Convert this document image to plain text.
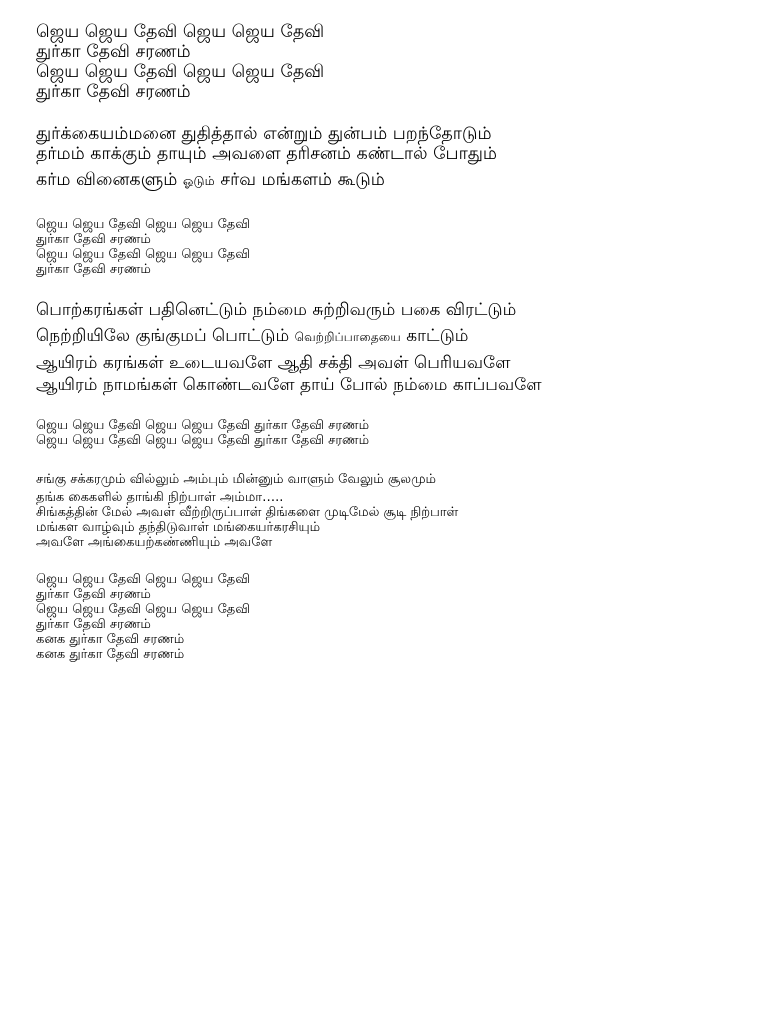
ஜெய ஜெய தேவி ஜெய ஜெய தேவி
துர்கா தேவி சரணம்
ஜெய ஜெய தேவி ஜெய ஜெய தேவி
துர்கா தேவி சரணம்
துர்க்கையம்மனை துதித்தால் என்றும் துன்பம் பறந்தோடும்
தர்மம் காக்கும் தாயும் அவளை தரிசனம் கண்டால் போதும்
கர்ம வினைகளும் ஓடும் சர்வ மங்களம் கூடும்
ஜெய ஜெய தேவி ஜெய ஜெய தேவி
துர்கா தேவி சரணம்
ஜெய ஜெய தேவி ஜெய ஜெய தேவி
துர்கா தேவி சரணம்
பொற்கரங்கள் பதினெட்டும் நம்மை சுற்றிவரும் பகை விரட்டும்
நெற்றியிலே குங்குமப் பொட்டும் வெற்றிப்பாதையை காட்டும்
ஆயிரம் கரங்கள் உடையவளே ஆதி சக்தி அவள் பெரியவளே
ஆயிரம் நாமங்கள் கொண்டவளே தாய் போல் நம்மை காப்பவளே
ஜெய ஜெய தேவி ஜெய ஜெய தேவி துர்கா தேவி சரணம்
ஜெய ஜெய தேவி ஜெய ஜெய தேவி துர்கா தேவி சரணம்
சங்கு சக்கரமும் வில்லும் அம்பும் மின்னும் வாளும் வேலும் சூலமும்
தங்க கைகளில் தாங்கி நிற்பாள் அம்மா…..
சிங்கத்தின் மேல் அவள் வீற்றிருப்பாள் திங்களை முடிமேல் சூடி நிற்பாள்
மங்கள வாழ்வும் தந்திடுவாள் மங்கையர்கரசியும்
அவளே அங்கையற்கண்ணியும் அவளே
ஜெய ஜெய தேவி ஜெய ஜெய தேவி
துர்கா தேவி சரணம்
ஜெய ஜெய தேவி ஜெய ஜெய தேவி
துர்கா தேவி சரணம்
கனக துர்கா தேவி சரணம்
கனக துர்கா தேவி சரணம்
